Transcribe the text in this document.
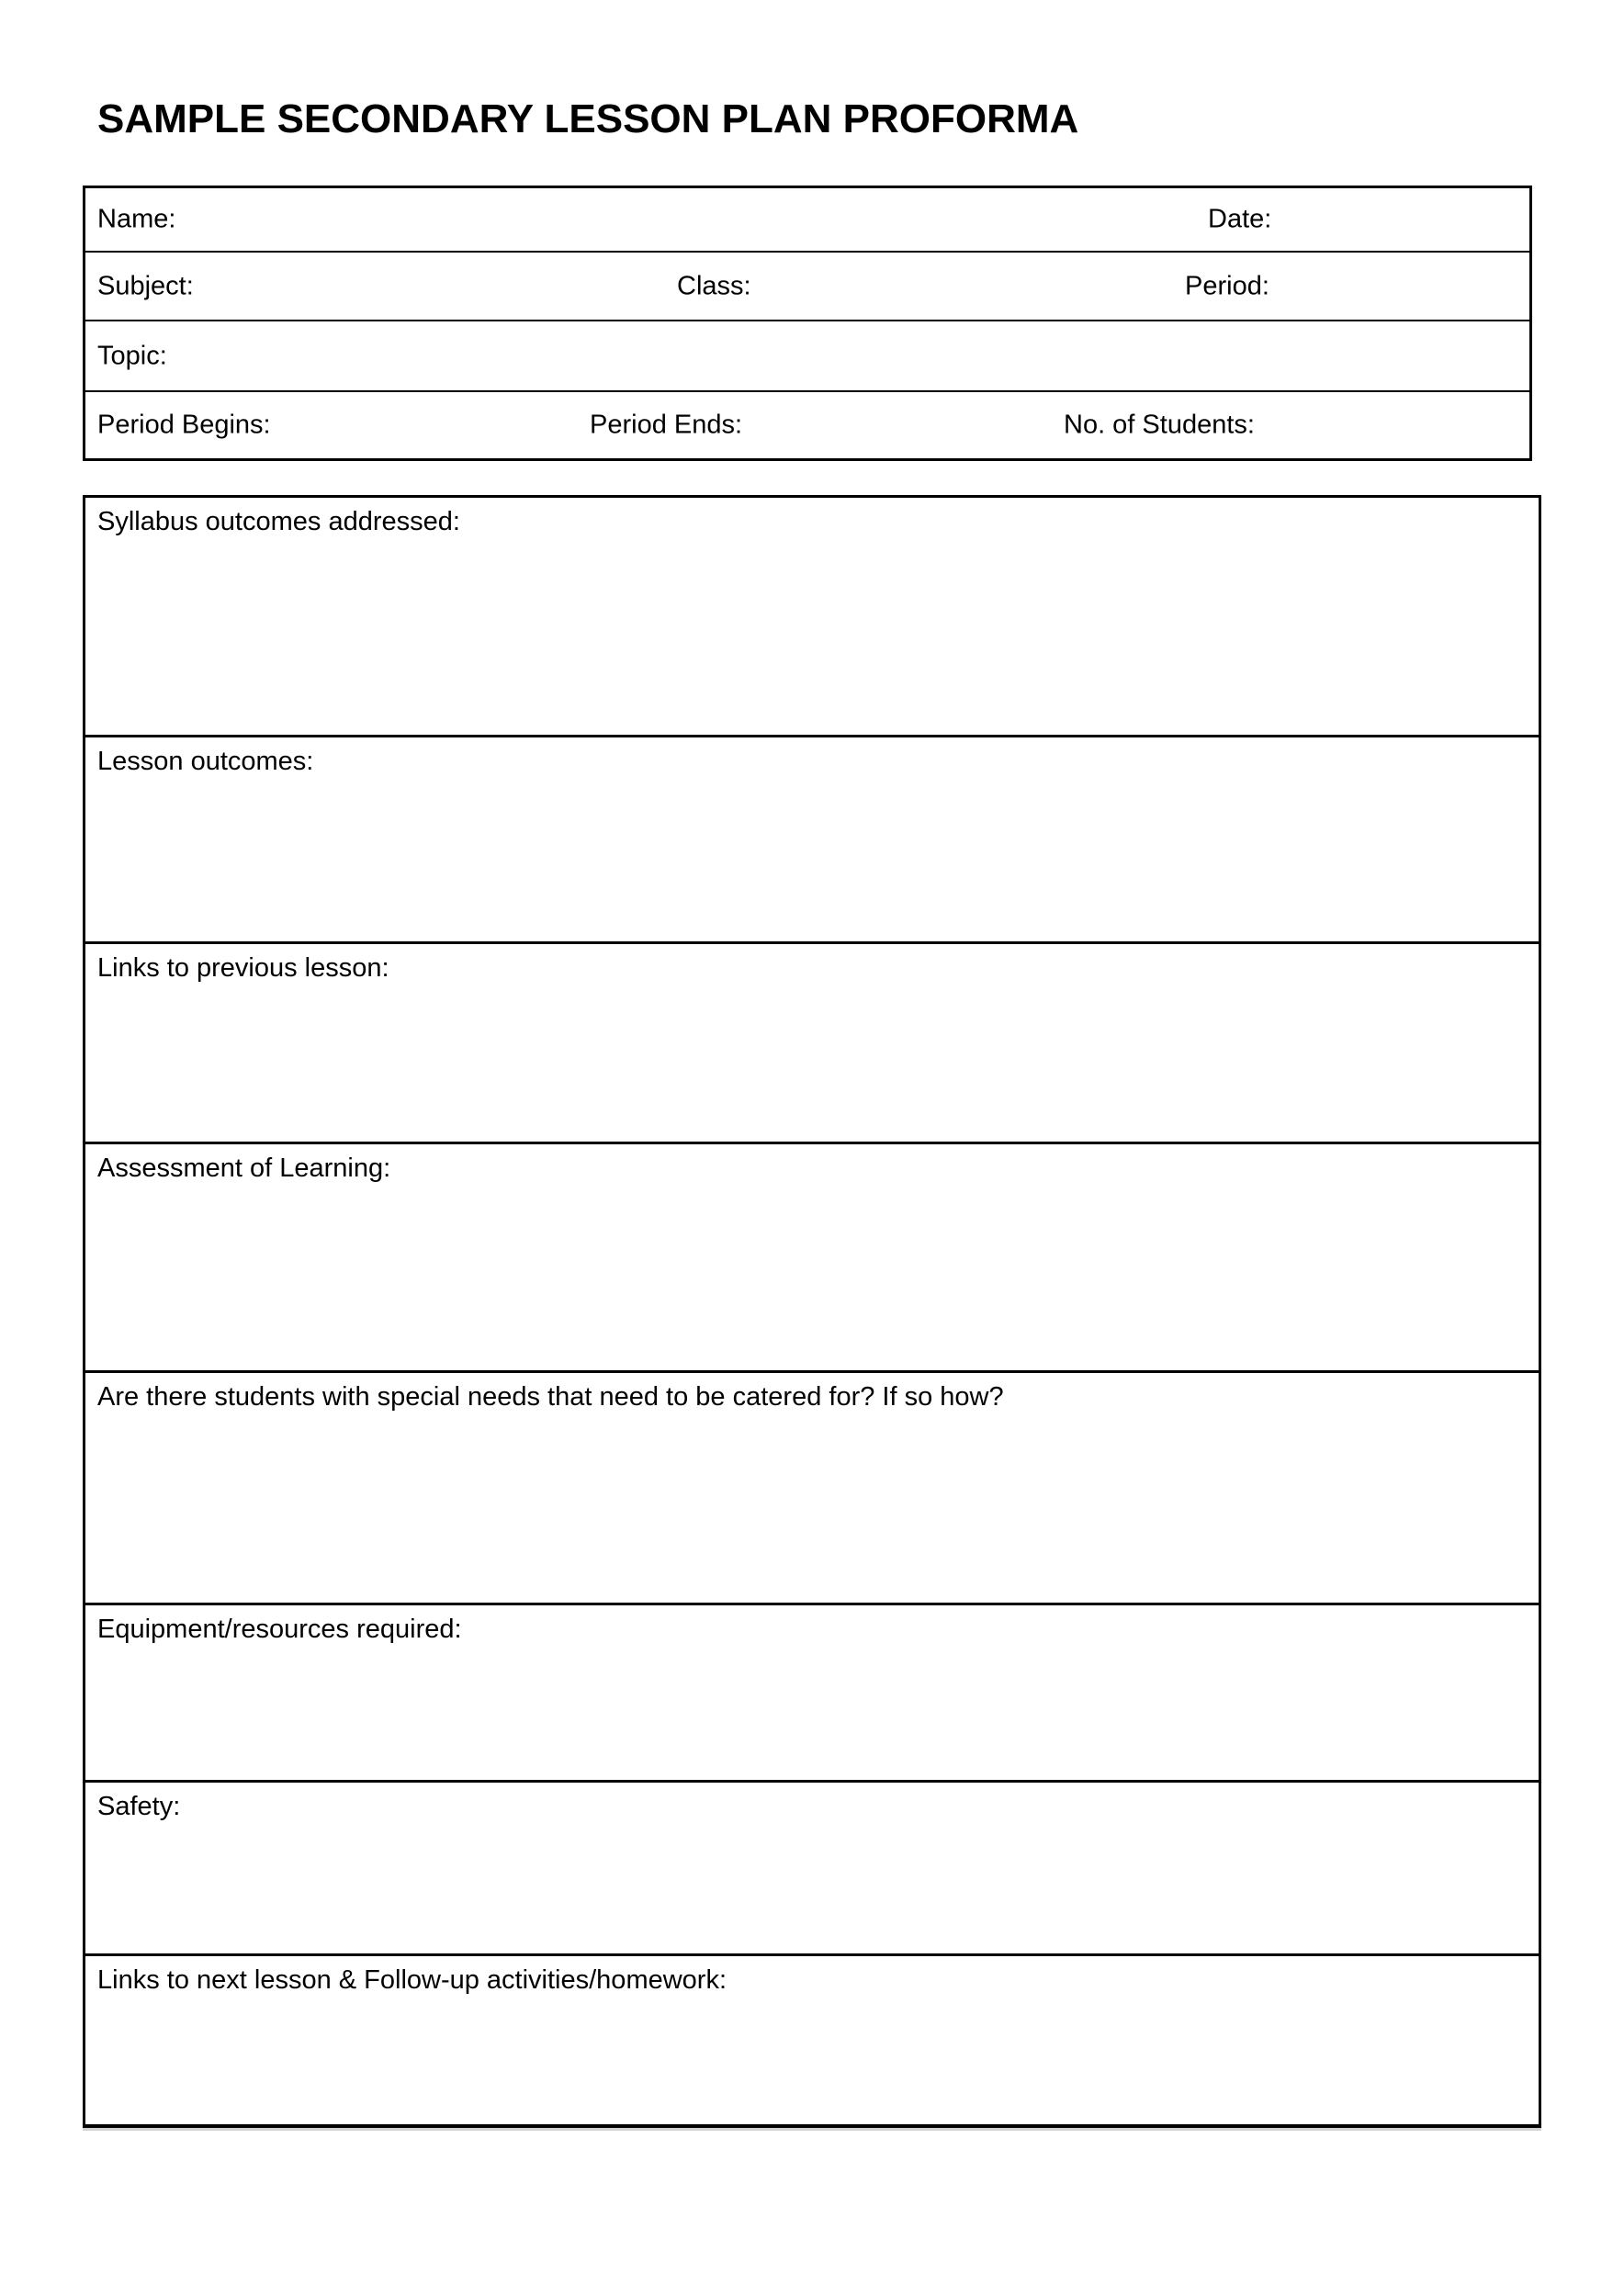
SAMPLE SECONDARY LESSON PLAN PROFORMA
Name:	Date:
Subject:	Class:	Period:
Topic:
Period Begins:	Period Ends:	No. of Students:
Syllabus outcomes addressed:
Lesson outcomes:
Links to previous lesson:
Assessment of Learning:
Are there students with special needs that need to be catered for? If so how?
Equipment/resources required:
Safety:
Links to next lesson & Follow-up activities/homework:
